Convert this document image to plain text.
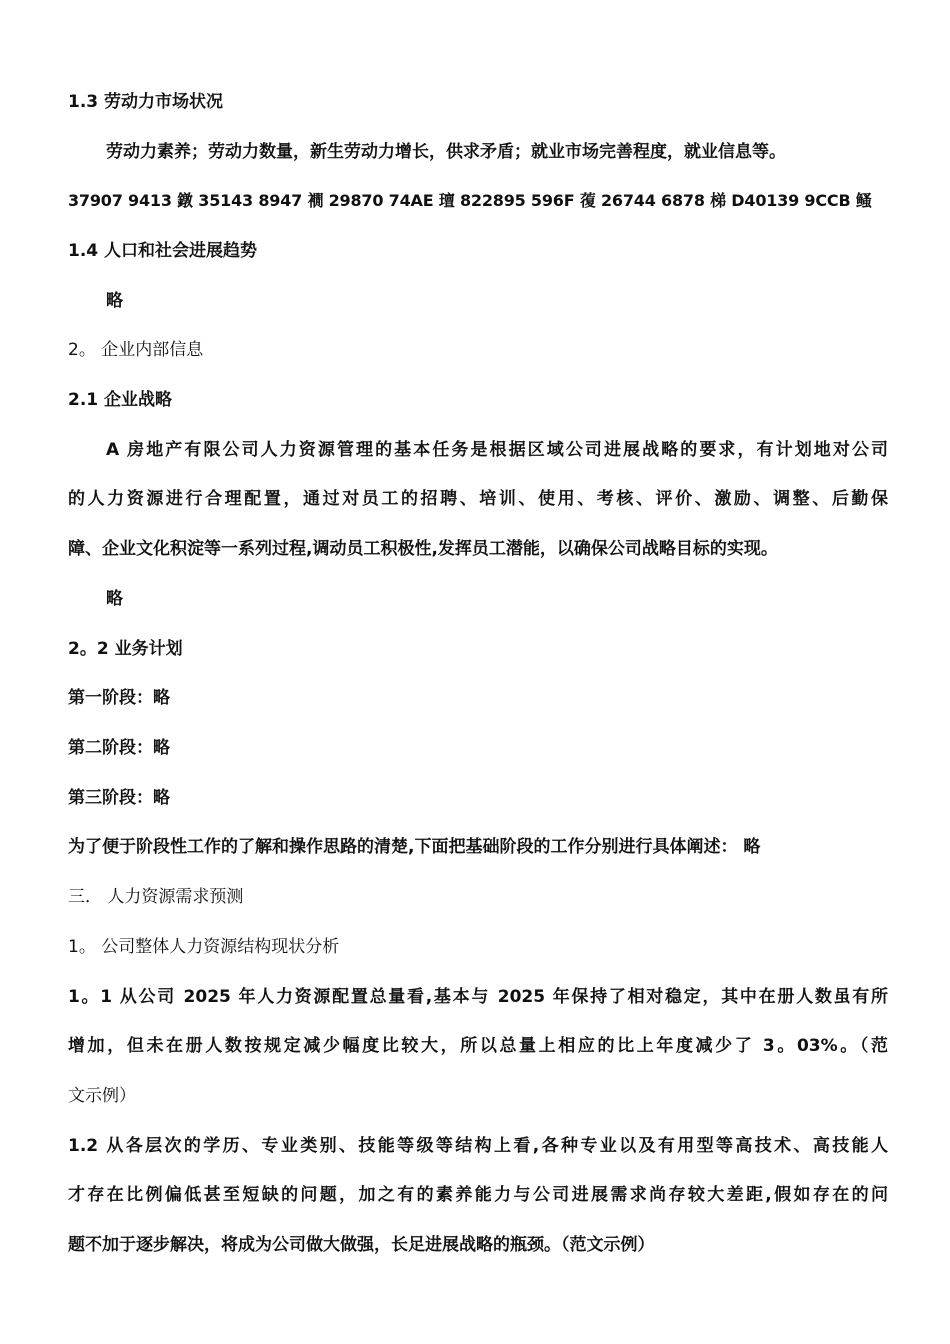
1.3 劳动力市场状况
劳动力素养；劳动力数量，新生劳动力增长，供求矛盾；就业市场完善程度，就业信息等。
37907 9413 鐓 35143 8947 襉 29870 74AE 璮 822895 596F 蕧 26744 6878 梯 D40139 9CCB 鳋
1.4 人口和社会进展趋势
略
2。 企业内部信息
2.1 企业战略
A 房地产有限公司人力资源管理的基本任务是根据区域公司进展战略的要求，有计划地对公司
的人力资源进行合理配置，通过对员工的招聘、培训、使用、考核、评价、激励、调整、后勤保
障、企业文化积淀等一系列过程,调动员工积极性,发挥员工潜能，以确保公司战略目标的实现。
略
2。2 业务计划
第一阶段：略
第二阶段：略
第三阶段：略
为了便于阶段性工作的了解和操作思路的清楚,下面把基础阶段的工作分别进行具体阐述： 略
三． 人力资源需求预测
1。 公司整体人力资源结构现状分析
1。1 从公司 2025 年人力资源配置总量看,基本与 2025 年保持了相对稳定，其中在册人数虽有所
增加，但未在册人数按规定减少幅度比较大，所以总量上相应的比上年度减少了 3。03%。（范
文示例）
1.2 从各层次的学历、专业类别、技能等级等结构上看,各种专业以及有用型等高技术、高技能人
才存在比例偏低甚至短缺的问题，加之有的素养能力与公司进展需求尚存较大差距,假如存在的问
题不加于逐步解决，将成为公司做大做强，长足进展战略的瓶颈。（范文示例）
